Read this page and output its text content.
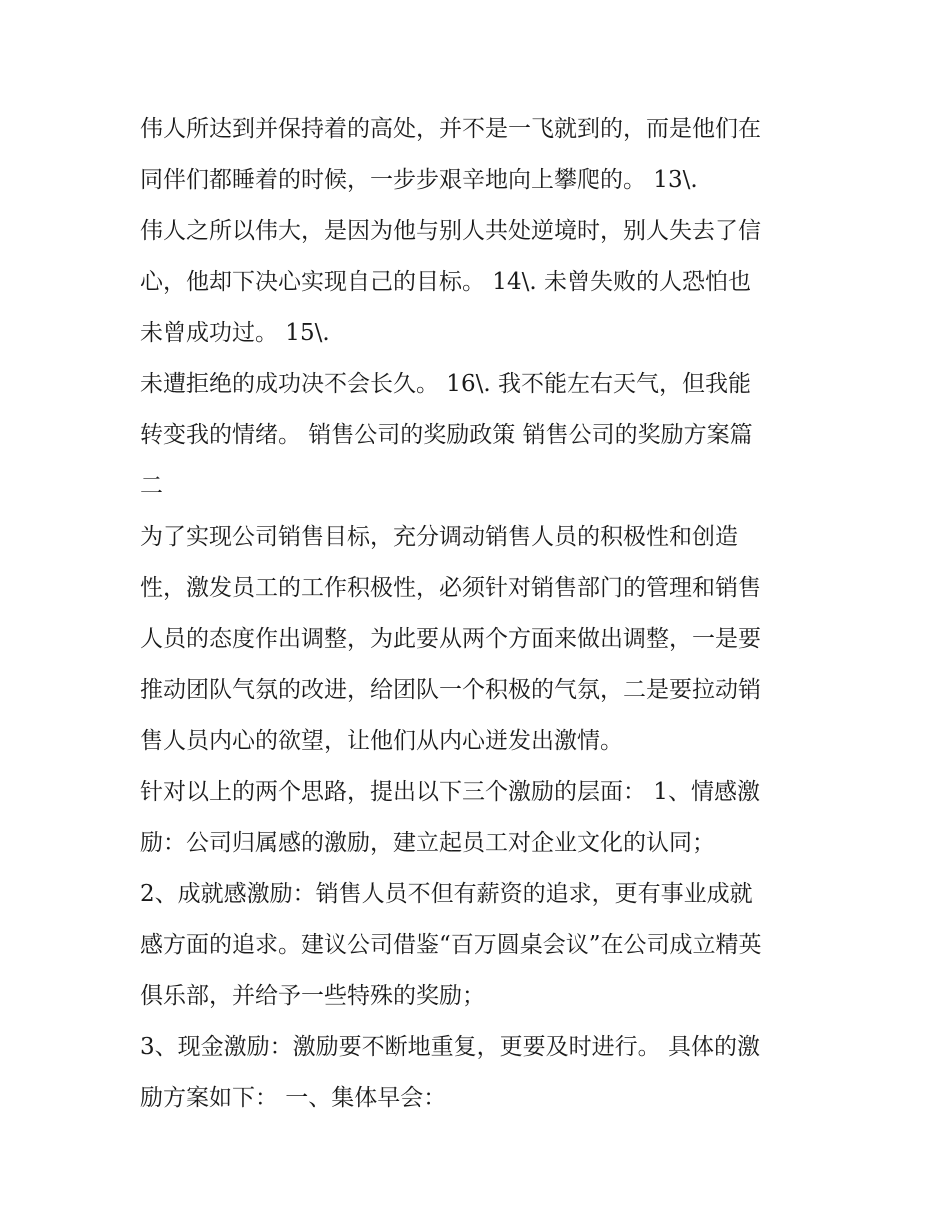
伟人所达到并保持着的高处，并不是一飞就到的，而是他们在
同伴们都睡着的时候，一步步艰辛地向上攀爬的。 13\.
伟人之所以伟大，是因为他与别人共处逆境时，别人失去了信
心，他却下决心实现自己的目标。 14\. 未曾失败的人恐怕也
未曾成功过。 15\.
未遭拒绝的成功决不会长久。 16\. 我不能左右天气，但我能
转变我的情绪。 销售公司的奖励政策 销售公司的奖励方案篇
二
为了实现公司销售目标，充分调动销售人员的积极性和创造
性，激发员工的工作积极性，必须针对销售部门的管理和销售
人员的态度作出调整，为此要从两个方面来做出调整，一是要
推动团队气氛的改进，给团队一个积极的气氛，二是要拉动销
售人员内心的欲望，让他们从内心迸发出激情。
针对以上的两个思路，提出以下三个激励的层面： 1、情感激
励：公司归属感的激励，建立起员工对企业文化的认同；
2、成就感激励：销售人员不但有薪资的追求，更有事业成就
感方面的追求。建议公司借鉴“百万圆桌会议”在公司成立精英
俱乐部，并给予一些特殊的奖励；
3、现金激励：激励要不断地重复，更要及时进行。 具体的激
励方案如下： 一、集体早会：
